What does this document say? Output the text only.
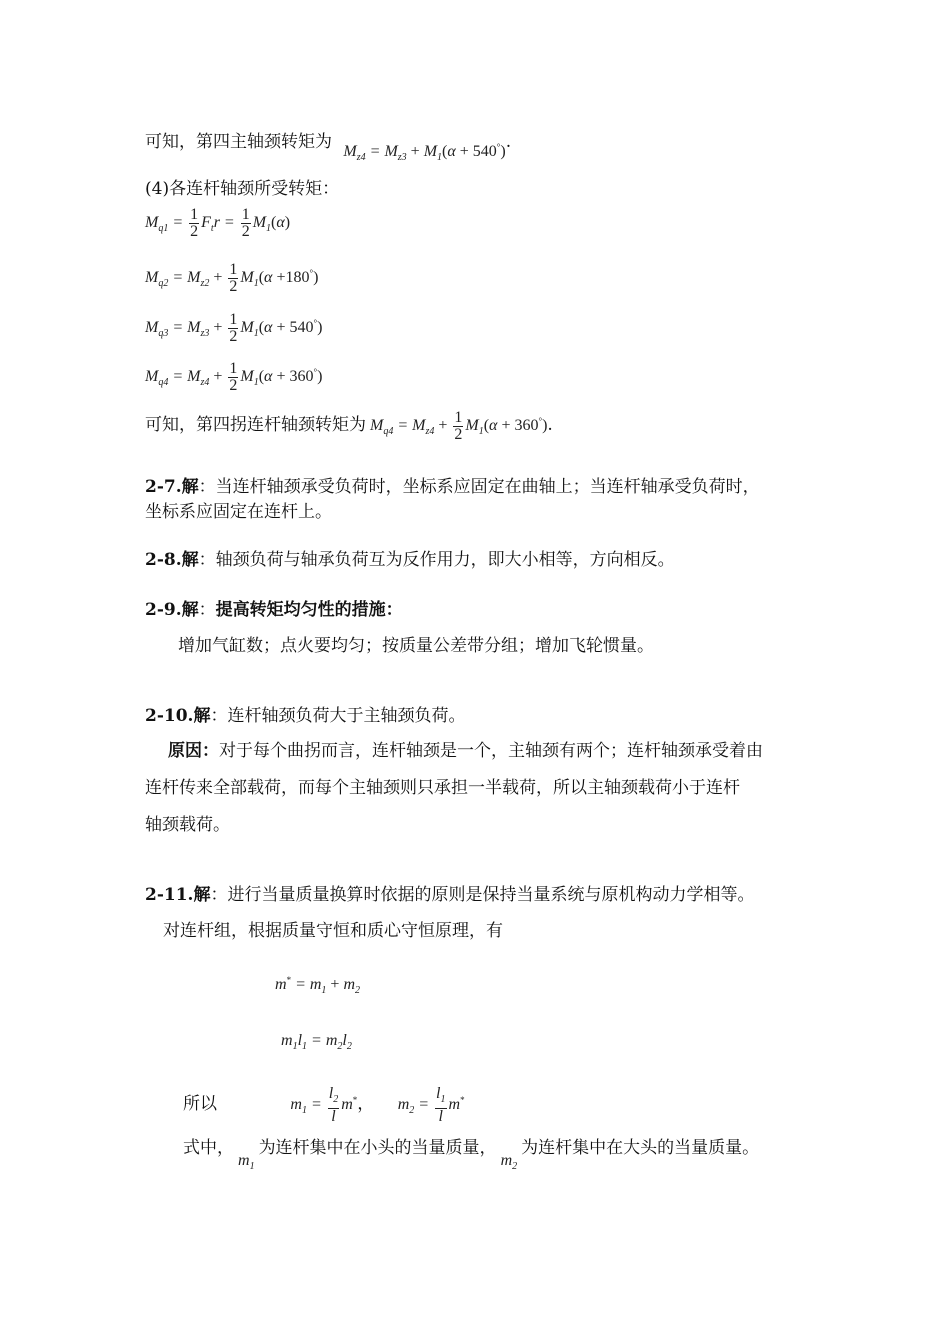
可知，第四主轴颈转矩为 $M_{z4} = M_{z3} + M_1(\alpha + 540^\circ)$.
(4)各连杆轴颈所受转矩：
$M_{q1} = \frac{1}{2} F_tr = \frac{1}{2} M_1(\alpha)$
$M_{q2} = M_{z2} + \frac{1}{2} M_1(\alpha +180^\circ)$
$M_{q3} = M_{z3} + \frac{1}{2} M_1(\alpha + 540^\circ)$
$M_{q4} = M_{z4} + \frac{1}{2} M_1(\alpha + 360^\circ)$
可知，第四拐连杆轴颈转矩为 $M_{q4} = M_{z4} + \frac{1}{2} M_1(\alpha + 360^\circ)$.
2-7.解：当连杆轴颈承受负荷时，坐标系应固定在曲轴上；当连杆轴承受负荷时，
坐标系应固定在连杆上。
2-8.解：轴颈负荷与轴承负荷互为反作用力，即大小相等，方向相反。
2-9.解：提高转矩均匀性的措施：
增加气缸数；点火要均匀；按质量公差带分组；增加飞轮惯量。
2-10.解：连杆轴颈负荷大于主轴颈负荷。
原因：对于每个曲拐而言，连杆轴颈是一个，主轴颈有两个；连杆轴颈承受着由
连杆传来全部载荷，而每个主轴颈则只承担一半载荷，所以主轴颈载荷小于连杆
轴颈载荷。
2-11.解：进行当量质量换算时依据的原则是保持当量系统与原机构动力学相等。
对连杆组，根据质量守恒和质心守恒原理，有
$m^* = m_1 + m_2$
$m_1l_1 = m_2l_2$
所以	$m_1 = \frac{l_2}{l} m^*$， $m_2 = \frac{l_1}{l} m^*$
式中，$m_1$为连杆集中在小头的当量质量，$m_2$为连杆集中在大头的当量质量。
